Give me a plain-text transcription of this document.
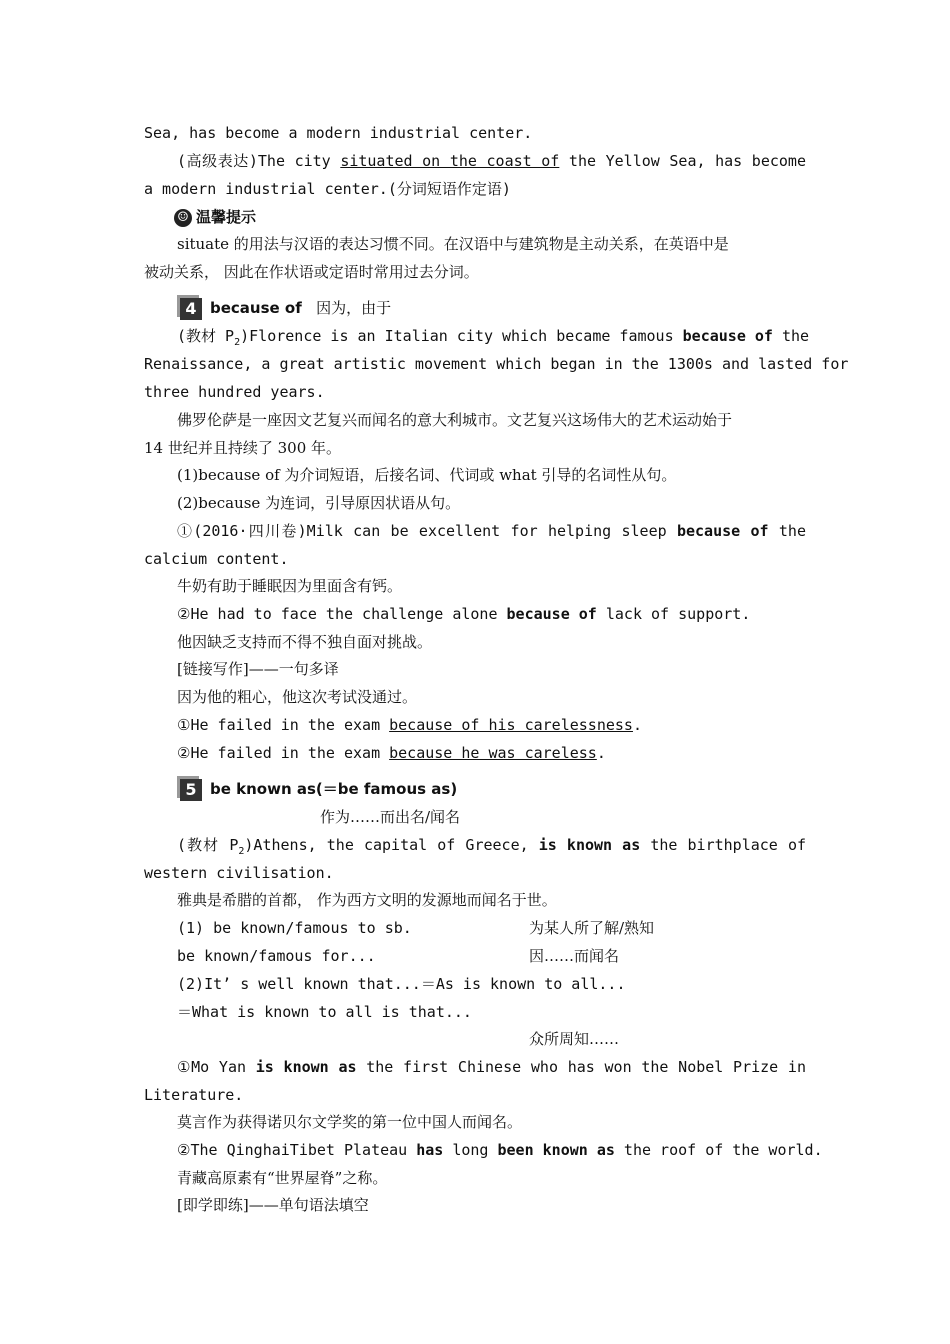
Sea, has become a modern industrial center.
(高级表达)The city situated on the coast of the Yellow Sea, has become
a modern industrial center.(分词短语作定语)
☺ 温馨提示
situate 的用法与汉语的表达习惯不同。在汉语中与建筑物是主动关系，在英语中是
被动关系， 因此在作状语或定语时常用过去分词。
4 because of 因为，由于
(教材 $P_2)Florence$ is an Italian city which became famous because of the
Renaissance, a great artistic movement which began in the 1300s and lasted for
three hundred years.
佛罗伦萨是一座因文艺复兴而闻名的意大利城市。文艺复兴这场伟大的艺术运动始于
14 世纪并且持续了 300 年。
(1)because of 为介词短语，后接名词、代词或 what 引导的名词性从句。
(2)because 为连词，引导原因状语从句。
①(2016·四川卷)Milk can be excellent for helping sleep because of the
calcium content.
牛奶有助于睡眠因为里面含有钙。
②He had to face the challenge alone because of lack of support.
他因缺乏支持而不得不独自面对挑战。
[链接写作]——一句多译
因为他的粗心，他这次考试没通过。
①He failed in the exam because of his carelessness.
②He failed in the exam because he was careless.
5 be known as(＝be famous as)
作为……而出名/闻名
(教材 $P_2)Athens$, the capital of Greece, is known as the birthplace of
western civilisation.
雅典是希腊的首都， 作为西方文明的发源地而闻名于世。
(1) be known/famous to sb.	为某人所了解/熟知
be known/famous for...	因……而闻名
(2)It’ s well known that...＝As is known to all...
＝What is known to all is that...
众所周知……
①Mo Yan is known as the first Chinese who has won the Nobel Prize in
Literature.
莫言作为获得诺贝尔文学奖的第一位中国人而闻名。
②The QinghaiTibet Plateau has long been known as the roof of the world.
青藏高原素有“世界屋脊”之称。
[即学即练]——单句语法填空
